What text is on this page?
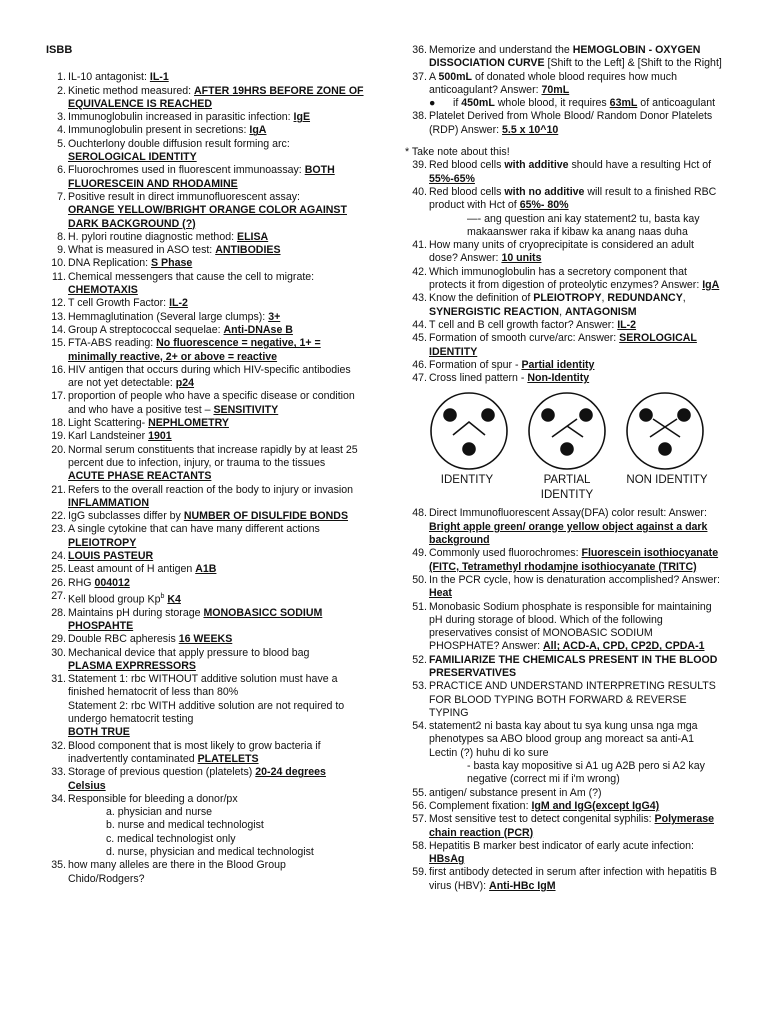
ISBB
1. IL-10 antagonist: IL-1
2. Kinetic method measured: AFTER 19HRS BEFORE ZONE OF EQUIVALENCE IS REACHED
3. Immunoglobulin increased in parasitic infection: IgE
4. Immunoglobulin present in secretions: IgA
5. Ouchterlony double diffusion result forming arc: SEROLOGICAL IDENTITY
6. Fluorochromes used in fluorescent immunoassay: BOTH FLUORESCEIN AND RHODAMINE
7. Positive result in direct immunofluorescent assay:
ORANGE YELLOW/BRIGHT ORANGE COLOR AGAINST DARK BACKGROUND (?)
8. H. pylori routine diagnostic method: ELISA
9. What is measured in ASO test: ANTIBODIES
10. DNA Replication: S Phase
11. Chemical messengers that cause the cell to migrate:
CHEMOTAXIS
12. T cell Growth Factor: IL-2
13. Hemmaglutination (Several large clumps): 3+
14. Group A streptococcal sequelae: Anti-DNAse B
15. FTA-ABS reading: No fluorescence = negative, 1+ = minimally reactive, 2+ or above = reactive
16. HIV antigen that occurs during which HIV-specific antibodies are not yet detectable: p24
17. proportion of people who have a specific disease or condition and who have a positive test – SENSITIVITY
18. Light Scattering- NEPHLOMETRY
19. Karl Landsteiner 1901
20. Normal serum constituents that increase rapidly by at least 25 percent due to infection, injury, or trauma to the tissues ACUTE PHASE REACTANTS
21. Refers to the overall reaction of the body to injury or invasion INFLAMMATION
22. IgG subclasses differ by NUMBER OF DISULFIDE BONDS
23. A single cytokine that can have many different actions
PLEIOTROPY
24. LOUIS PASTEUR
25. Least amount of H antigen A1B
26. RHG 004012
27. Kell blood group Kp$^b$ K4
28. Maintains pH during storage MONOBASICC SODIUM PHOSPAHTE
29. Double RBC apheresis 16 WEEKS
30. Mechanical device that apply pressure to blood bag
PLASMA EXPRRESSORS
31. Statement 1: rbc WITHOUT additive solution must have a finished hematocrit of less than 80%
Statement 2: rbc WITH additive solution are not required to undergo hematocrit testing
BOTH TRUE
32. Blood component that is most likely to grow bacteria if inadvertently contaminated PLATELETS
33. Storage of previous question (platelets) 20-24 degrees Celsius
34. Responsible for bleeding a donor/px
a. physician and nurse
b. nurse and medical technologist
c. medical technologist only
d. nurse, physician and medical technologist
35. how many alleles are there in the Blood Group Chido/Rodgers?
36. Memorize and understand the HEMOGLOBIN - OXYGEN DISSOCIATION CURVE [Shift to the Left] & [Shift to the Right]
37. A 500mL of donated whole blood requires how much anticoagulant? Answer: 70mL
● if 450mL whole blood, it requires 63mL of anticoagulant
38. Platelet Derived from Whole Blood/ Random Donor Platelets (RDP) Answer: 5.5 x 10^10
* Take note about this!
39. Red blood cells with additive should have a resulting Hct of 55%-65%
40. Red blood cells with no additive will result to a finished RBC product with Hct of 65%- 80%
—- ang question ani kay statement2 tu, basta kay makaanswer raka if kibaw ka anang naas duha
41. How many units of cryoprecipitate is considered an adult dose? Answer: 10 units
42. Which immunoglobulin has a secretory component that protects it from digestion of proteolytic enzymes? Answer: IgA
43. Know the definition of PLEIOTROPY, REDUNDANCY, SYNERGISTIC REACTION, ANTAGONISM
44. T cell and B cell growth factor? Answer: IL-2
45. Formation of smooth curve/arc: Answer: SEROLOGICAL IDENTITY
46. Formation of spur - Partial identity
47. Cross lined pattern - Non-Identity
IDENTITY	PARTIAL IDENTITY
NON IDENTITY
48. Direct Immunofluorescent Assay(DFA) color result: Answer: Bright apple green/ orange yellow object against a dark background
49. Commonly used fluorochromes: Fluorescein isothiocyanate (FITC, Tetramethyl rhodamjne isothiocyanate (TRITC)
50. In the PCR cycle, how is denaturation accomplished? Answer: Heat
51. Monobasic Sodium phosphate is responsible for maintaining pH during storage of blood. Which of the following preservatives consist of MONOBASIC SODIUM PHOSPHATE? Answer: All; ACD-A, CPD, CP2D, CPDA-1
52. FAMILIARIZE THE CHEMICALS PRESENT IN THE BLOOD PRESERVATIVES
53. PRACTICE AND UNDERSTAND INTERPRETING RESULTS FOR BLOOD TYPING BOTH FORWARD & REVERSE TYPING
54. statement2 ni basta kay about tu sya kung unsa nga mga phenotypes sa ABO blood group ang moreact sa anti-A1 Lectin (?) huhu di ko sure
- basta kay mopositive si A1 ug A2B pero si A2 kay negative (correct mi if i'm wrong)
55. antigen/ substance present in Am (?)
56. Complement fixation: IgM and IgG(except IgG4)
57. Most sensitive test to detect congenital syphilis: Polymerase chain reaction (PCR)
58. Hepatitis B marker best indicator of early acute infection: HBsAg
59. first antibody detected in serum after infection with hepatitis B virus (HBV): Anti-HBc IgM
